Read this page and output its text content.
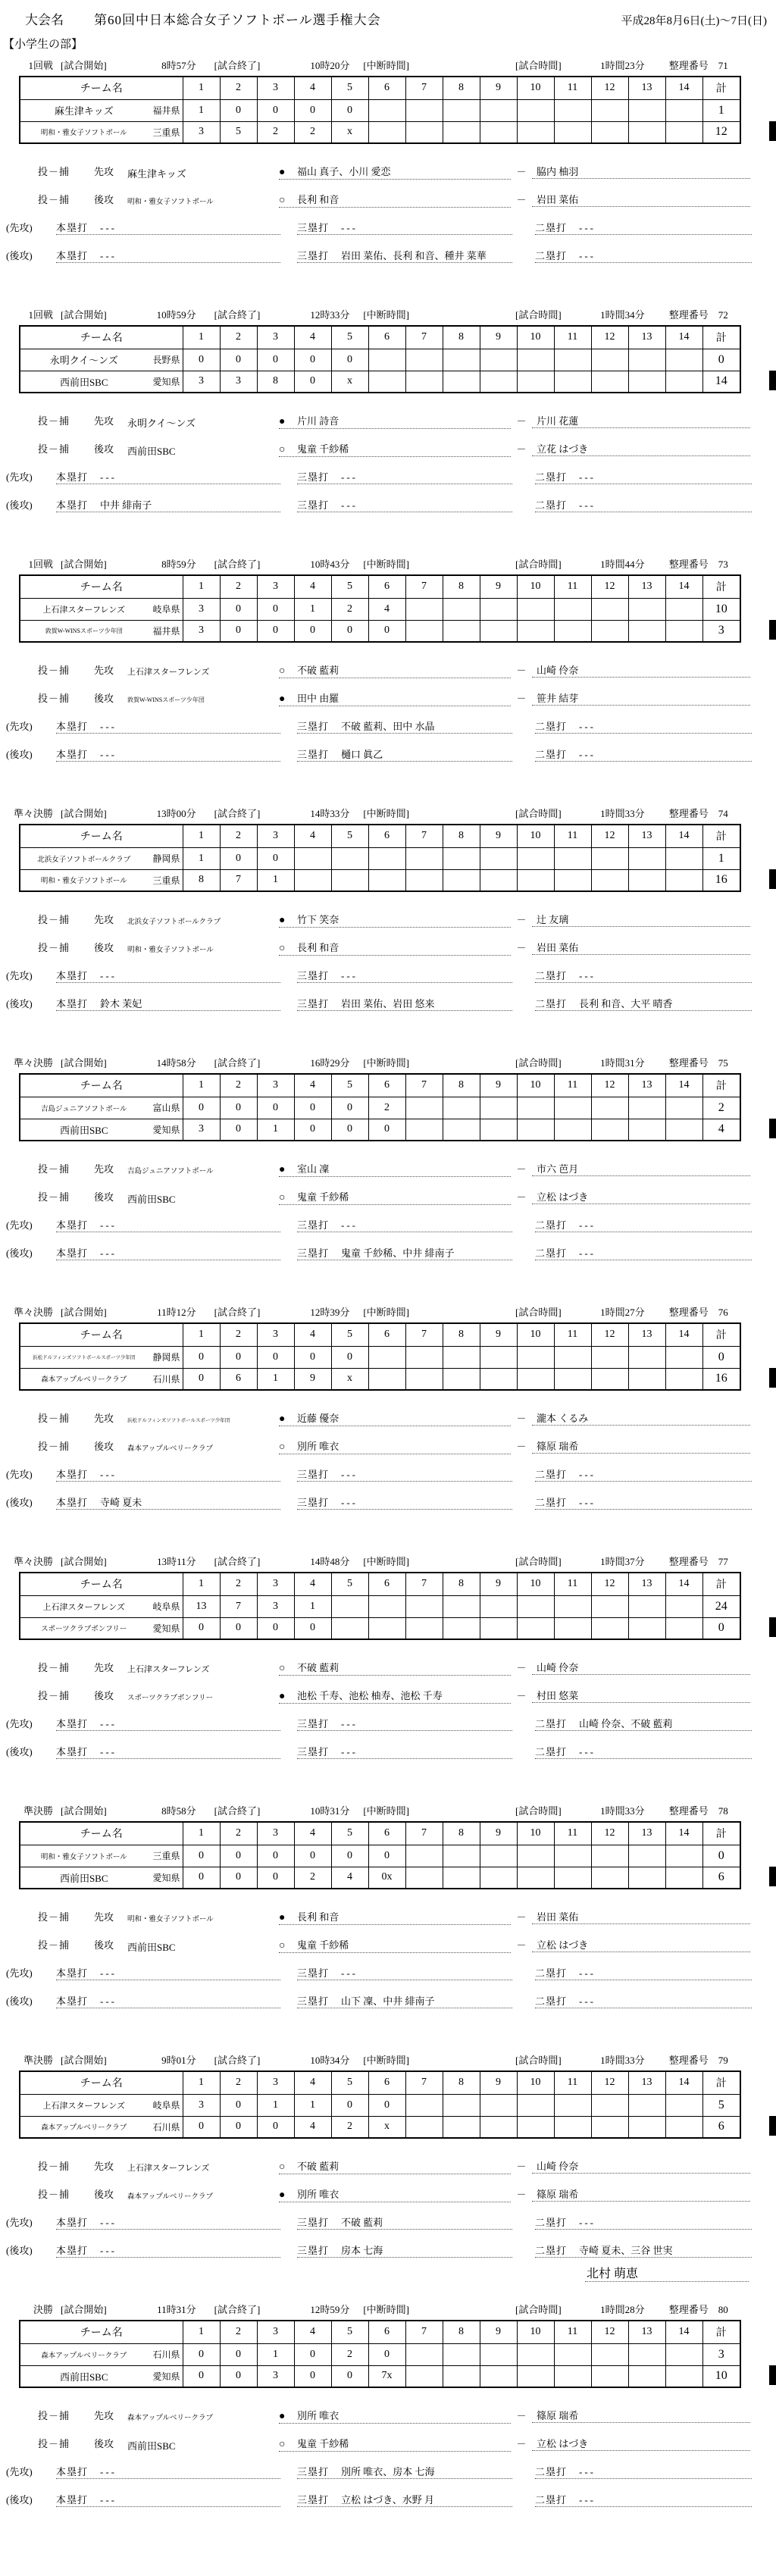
大会名 第60回中日本総合女子ソフトボール選手権大会	平成28年8月6日(土)〜7日(日)
【小学生の部】
1回戦 [試合開始]	8時57分 [試合終了]	10時20分 [中断時間]	[試合時間]	1時間23分 整理番号	71
チーム名	1	2	3	4	5	6	7	8	9	10	11	12	13	14	計

麻生津キッズ 福井県	1	0	0	0	0										1

明和・雅女子ソフトボール 三重県	3	5	2	2	x										12
投－捕	先攻	麻生津キッズ	●	福山 真子、小川 愛恋	－	脇内 柚羽
投－捕	後攻	明和・雅女子ソフトボール	○	長利 和音	－	岩田 菜佑
(先攻)	本塁打 ---	三塁打 ---	二塁打 ---
(後攻)	本塁打 ---	三塁打 岩田 菜佑、長利 和音、種井 菜華	二塁打 ---
1回戦 [試合開始]	10時59分 [試合終了]	12時33分 [中断時間]	[試合時間]	1時間34分 整理番号	72
チーム名	1	2	3	4	5	6	7	8	9	10	11	12	13	14	計

永明クイ〜ンズ 長野県	0	0	0	0	0										0

西前田SBC 愛知県	3	3	8	0	x										14
投－捕	先攻	永明クイ〜ンズ	●	片川 詩音	－	片川 花蓮
投－捕	後攻	西前田SBC	○	鬼童 千紗稀	－	立花 はづき
(先攻)	本塁打 ---	三塁打 ---	二塁打 ---
(後攻)	本塁打 中井 緋南子	三塁打 ---	二塁打 ---
1回戦 [試合開始]	8時59分 [試合終了]	10時43分 [中断時間]	[試合時間]	1時間44分 整理番号	73
チーム名	1	2	3	4	5	6	7	8	9	10	11	12	13	14	計

上石津スターフレンズ 岐阜県	3	0	0	1	2	4									10

敦賀W-WINSスポーツ少年団 福井県	3	0	0	0	0	0									3
投－捕	先攻	上石津スターフレンズ	○	不破 藍莉	－	山崎 伶奈
投－捕	後攻	敦賀W-WINSスポーツ少年団	●	田中 由羅	－	笹井 結芽
(先攻)	本塁打 ---	三塁打 不破 藍莉、田中 水晶	二塁打 ---
(後攻)	本塁打 ---	三塁打 樋口 眞乙	二塁打 ---
準々決勝 [試合開始]	13時00分 [試合終了]	14時33分 [中断時間]	[試合時間]	1時間33分 整理番号	74
チーム名	1	2	3	4	5	6	7	8	9	10	11	12	13	14	計

北浜女子ソフトボールクラブ 静岡県	1	0	0												1

明和・雅女子ソフトボール 三重県	8	7	1												16
投－捕	先攻	北浜女子ソフトボールクラブ	●	竹下 笑奈	－	辻 友璃
投－捕	後攻	明和・雅女子ソフトボール	○	長利 和音	－	岩田 菜佑
(先攻)	本塁打 ---	三塁打 ---	二塁打 ---
(後攻)	本塁打 鈴木 茉妃	三塁打 岩田 菜佑、岩田 悠来	二塁打 長利 和音、大平 晴香
準々決勝 [試合開始]	14時58分 [試合終了]	16時29分 [中断時間]	[試合時間]	1時間31分 整理番号	75
チーム名	1	2	3	4	5	6	7	8	9	10	11	12	13	14	計

吉島ジュニアソフトボール 富山県	0	0	0	0	0	2									2

西前田SBC 愛知県	3	0	1	0	0	0									4
投－捕	先攻	吉島ジュニアソフトボール	●	室山 凜	－	市六 芭月
投－捕	後攻	西前田SBC	○	鬼童 千紗稀	－	立松 はづき
(先攻)	本塁打 ---	三塁打 ---	二塁打 ---
(後攻)	本塁打 ---	三塁打 鬼童 千紗稀、中井 緋南子	二塁打 ---
準々決勝 [試合開始]	11時12分 [試合終了]	12時39分 [中断時間]	[試合時間]	1時間27分 整理番号	76
チーム名	1	2	3	4	5	6	7	8	9	10	11	12	13	14	計

浜松ドルフィンズソフトボールスポーツ少年団 静岡県	0	0	0	0	0										0

森本アップルベリークラブ 石川県	0	6	1	9	x										16
投－捕	先攻	浜松ドルフィンズソフトボールスポーツ少年団	●	近藤 優奈	－	瀧本 くるみ
投－捕	後攻	森本アップルベリークラブ	○	別所 唯衣	－	篠原 瑞希
(先攻)	本塁打 ---	三塁打 ---	二塁打 ---
(後攻)	本塁打 寺崎 夏未	三塁打 ---	二塁打 ---
準々決勝 [試合開始]	13時11分 [試合終了]	14時48分 [中断時間]	[試合時間]	1時間37分 整理番号	77
チーム名	1	2	3	4	5	6	7	8	9	10	11	12	13	14	計

上石津スターフレンズ 岐阜県	13	7	3	1											24

スポーツクラブボンフリー 愛知県	0	0	0	0											0
投－捕	先攻	上石津スターフレンズ	○	不破 藍莉	－	山崎 伶奈
投－捕	後攻	スポーツクラブボンフリー	●	池松 千寿、池松 柚寿、池松 千寿	－	村田 悠菜
(先攻)	本塁打 ---	三塁打 ---	二塁打 山崎 伶奈、不破 藍莉
(後攻)	本塁打 ---	三塁打 ---	二塁打 ---
準決勝 [試合開始]	8時58分 [試合終了]	10時31分 [中断時間]	[試合時間]	1時間33分 整理番号	78
チーム名	1	2	3	4	5	6	7	8	9	10	11	12	13	14	計

明和・雅女子ソフトボール 三重県	0	0	0	0	0	0									0

西前田SBC 愛知県	0	0	0	2	4	0x									6
投－捕	先攻	明和・雅女子ソフトボール	●	長利 和音	－	岩田 菜佑
投－捕	後攻	西前田SBC	○	鬼童 千紗稀	－	立松 はづき
(先攻)	本塁打 ---	三塁打 ---	二塁打 ---
(後攻)	本塁打 ---	三塁打 山下 凜、中井 緋南子	二塁打 ---
準決勝 [試合開始]	9時01分 [試合終了]	10時34分 [中断時間]	[試合時間]	1時間33分 整理番号	79
チーム名	1	2	3	4	5	6	7	8	9	10	11	12	13	14	計

上石津スターフレンズ 岐阜県	3	0	1	1	0	0									5

森本アップルベリークラブ 石川県	0	0	0	4	2	x									6
投－捕	先攻	上石津スターフレンズ	○	不破 藍莉	－	山崎 伶奈
投－捕	後攻	森本アップルベリークラブ	●	別所 唯衣	－	篠原 瑞希
(先攻)	本塁打 ---	三塁打 不破 藍莉	二塁打 ---
(後攻)	本塁打 ---	三塁打 房本 七海	二塁打 寺崎 夏未、三谷 世実
北村 萌恵
決勝 [試合開始]	11時31分 [試合終了]	12時59分 [中断時間]	[試合時間]	1時間28分 整理番号	80
チーム名	1	2	3	4	5	6	7	8	9	10	11	12	13	14	計

森本アップルベリークラブ 石川県	0	0	1	0	2	0									3

西前田SBC 愛知県	0	0	3	0	0	7x									10
投－捕	先攻	森本アップルベリークラブ	●	別所 唯衣	－	篠原 瑞希
投－捕	後攻	西前田SBC	○	鬼童 千紗稀	－	立松 はづき
(先攻)	本塁打 ---	三塁打 別所 唯衣、房本 七海	二塁打 ---
(後攻)	本塁打 ---	三塁打 立松 はづき、水野 月	二塁打 ---
